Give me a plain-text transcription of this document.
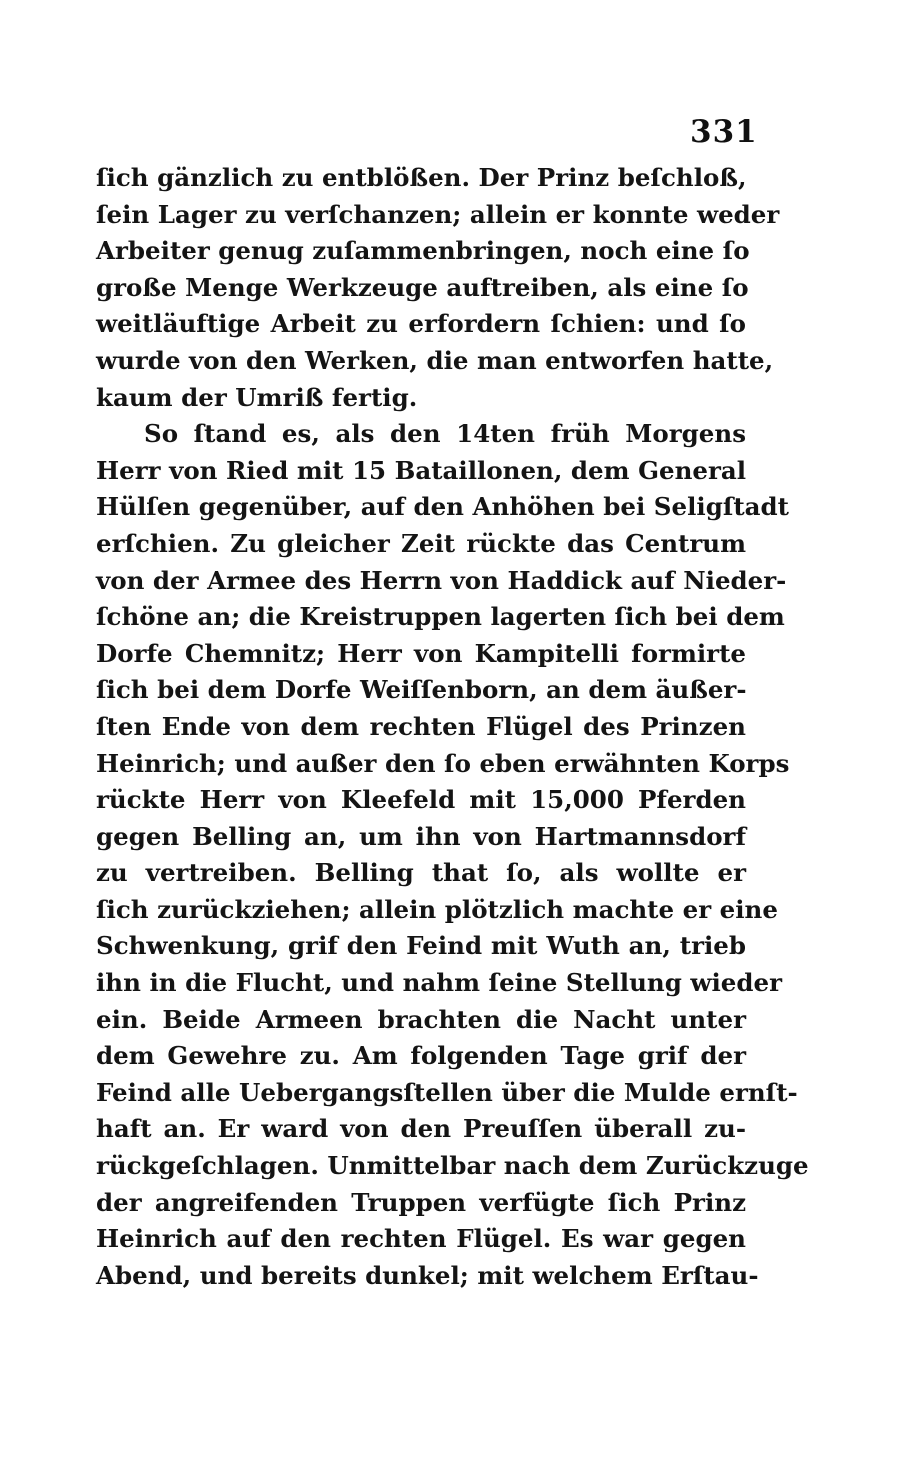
331
ſich gänzlich zu entblößen. Der Prinz beſchloß,
ſein Lager zu verſchanzen; allein er konnte weder
Arbeiter genug zuſammenbringen, noch eine ſo
große Menge Werkzeuge auftreiben, als eine ſo
weitläuftige Arbeit zu erfordern ſchien: und ſo
wurde von den Werken, die man entworfen hatte,
kaum der Umriß fertig.
So ſtand es, als den 14ten früh Morgens
Herr von Ried mit 15 Bataillonen, dem General
Hülſen gegenüber, auf den Anhöhen bei Seligſtadt
erſchien. Zu gleicher Zeit rückte das Centrum
von der Armee des Herrn von Haddick auf Nieder-
ſchöne an; die Kreistruppen lagerten ſich bei dem
Dorfe Chemnitz; Herr von Kampitelli formirte
ſich bei dem Dorfe Weiſſenborn, an dem äußer-
ſten Ende von dem rechten Flügel des Prinzen
Heinrich; und außer den ſo eben erwähnten Korps
rückte Herr von Kleefeld mit 15,000 Pferden
gegen Belling an, um ihn von Hartmannsdorf
zu vertreiben. Belling that ſo, als wollte er
ſich zurückziehen; allein plötzlich machte er eine
Schwenkung, grif den Feind mit Wuth an, trieb
ihn in die Flucht, und nahm ſeine Stellung wieder
ein. Beide Armeen brachten die Nacht unter
dem Gewehre zu. Am folgenden Tage grif der
Feind alle Uebergangsſtellen über die Mulde ernſt-
haft an. Er ward von den Preuſſen überall zu-
rückgeſchlagen. Unmittelbar nach dem Zurückzuge
der angreifenden Truppen verfügte ſich Prinz
Heinrich auf den rechten Flügel. Es war gegen
Abend, und bereits dunkel; mit welchem Erſtau-
